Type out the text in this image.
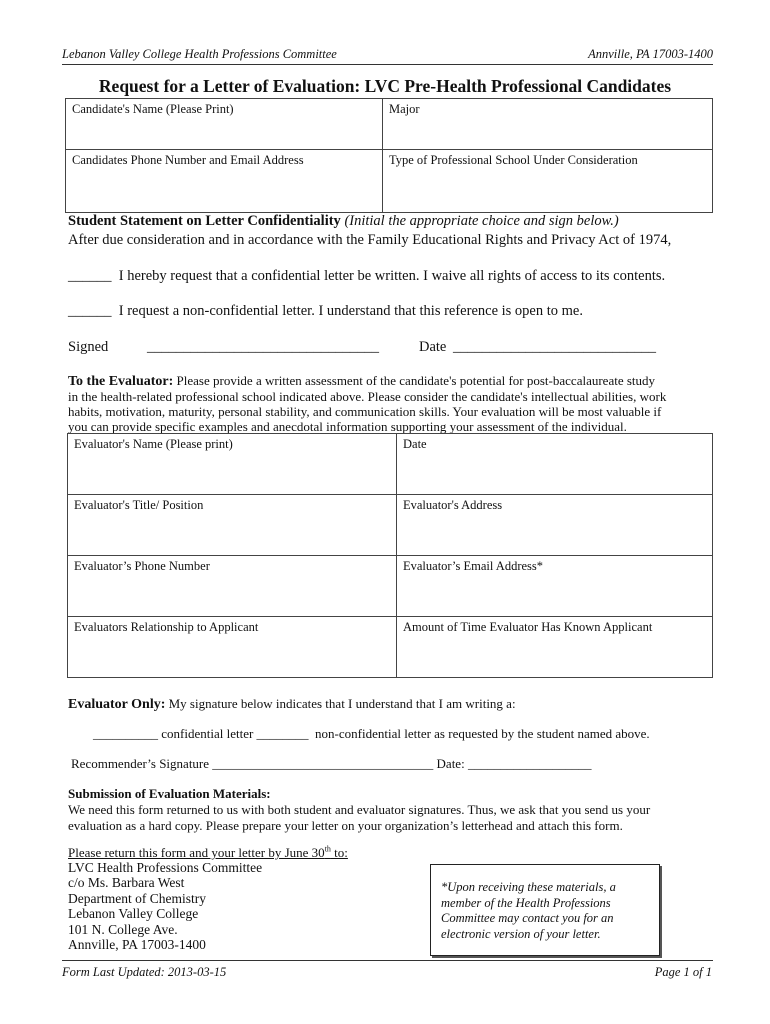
Lebanon Valley College Health Professions Committee	Annville, PA 17003-1400
Request for a Letter of Evaluation: LVC Pre-Health Professional Candidates
Candidate's Name (Please Print)	Major
Candidates Phone Number and Email Address	Type of Professional School Under Consideration
Student Statement on Letter Confidentiality (Initial the appropriate choice and sign below.)
After due consideration and in accordance with the Family Educational Rights and Privacy Act of 1974,
______ I hereby request that a confidential letter be written. I waive all rights of access to its contents.
______ I request a non-confidential letter. I understand that this reference is open to me.
Signed	________________________________	Date ____________________________
To the Evaluator: Please provide a written assessment of the candidate's potential for post-baccalaureate study
in the health-related professional school indicated above. Please consider the candidate's intellectual abilities, work
habits, motivation, maturity, personal stability, and communication skills. Your evaluation will be most valuable if
you can provide specific examples and anecdotal information supporting your assessment of the individual.
Evaluator's Name (Please print)	Date
Evaluator's Title/ Position	Evaluator's Address
Evaluator’s Phone Number	Evaluator’s Email Address*
Evaluators Relationship to Applicant	Amount of Time Evaluator Has Known Applicant
Evaluator Only: My signature below indicates that I understand that I am writing a:
__________ confidential letter ________ non-confidential letter as requested by the student named above.
Recommender’s Signature __________________________________ Date: ___________________
Submission of Evaluation Materials:
We need this form returned to us with both student and evaluator signatures. Thus, we ask that you send us your
evaluation as a hard copy. Please prepare your letter on your organization’s letterhead and attach this form.
Please return this form and your letter by June 30th to:
LVC Health Professions Committee
c/o Ms. Barbara West
Department of Chemistry
Lebanon Valley College
101 N. College Ave.
Annville, PA 17003-1400
*Upon receiving these materials, a
member of the Health Professions
Committee may contact you for an
electronic version of your letter.
Form Last Updated: 2013-03-15	Page 1 of 1
